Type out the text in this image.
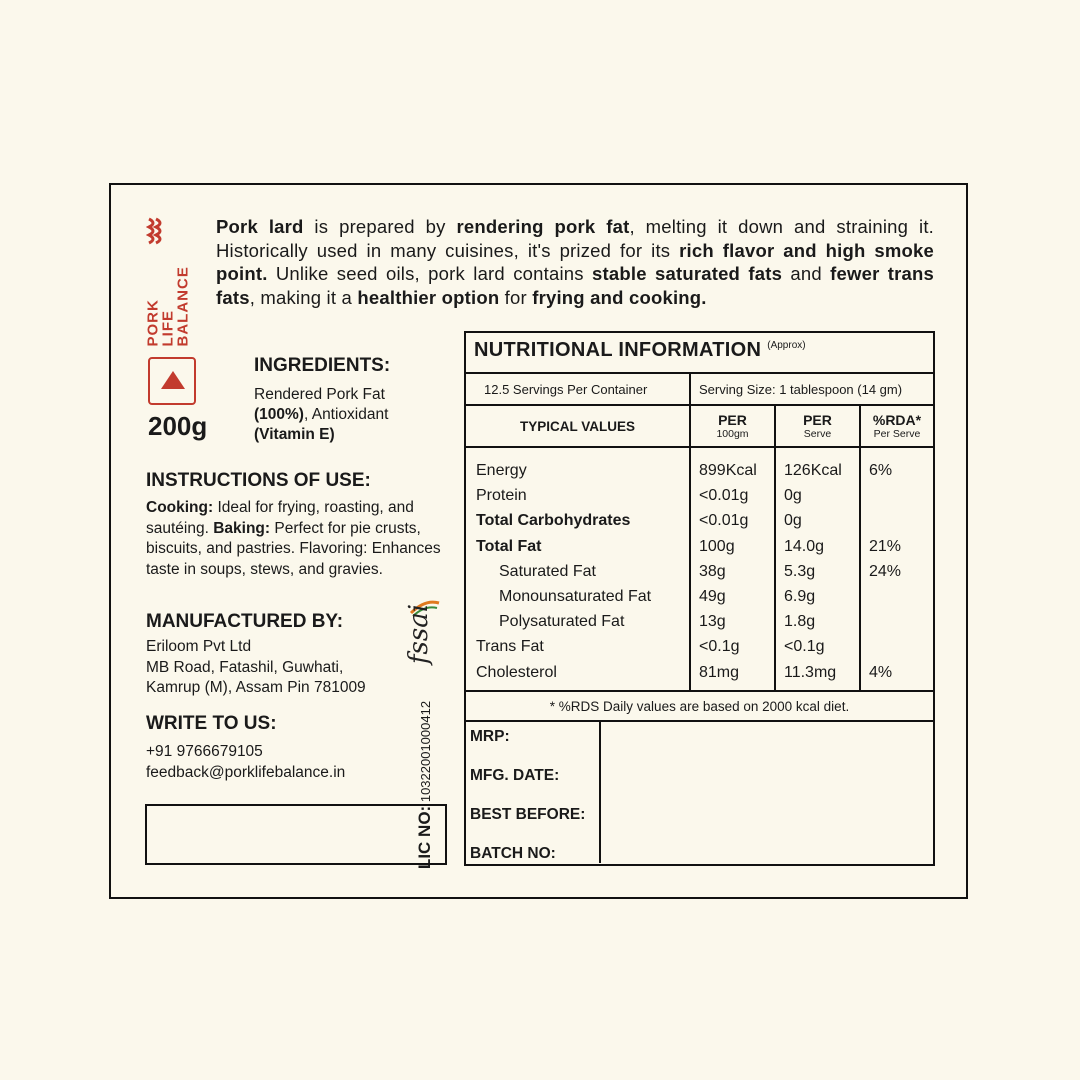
PORK
LIFE
BALANCE

Pork lard is prepared by rendering pork fat, melting it down and straining it. Historically used in many cuisines, it's prized for its rich flavor and high smoke point. Unlike seed oils, pork lard contains stable saturated fats and fewer trans fats, making it a healthier option for frying and cooking.

200g
INGREDIENTS:
Rendered Pork Fat
(100%), Antioxidant
(Vitamin E)
INSTRUCTIONS OF USE:
Cooking: Ideal for frying, roasting, and sautéing. Baking: Perfect for pie crusts, biscuits, and pastries. Flavoring: Enhances taste in soups, stews, and gravies.
MANUFACTURED BY:
Eriloom Pvt Ltd
MB Road, Fatashil, Guwhati,
Kamrup (M), Assam Pin 781009
WRITE TO US:
+91 9766679105
feedback@porklifebalance.in
fssai
LIC NO: 10322001000412
NUTRITIONAL INFORMATION $^{(Approx)}$
12.5 Servings Per Container	Serving Size: 1 tablespoon (14 gm)
TYPICAL VALUES	PER
100gm
PER
Serve
%RDA*
Per Serve
Energy
Protein
Total Carbohydrates
Total Fat
Saturated Fat
Monounsaturated Fat
Polysaturated Fat
Trans Fat
Cholesterol
899Kcal
<0.01g
<0.01g
100g
38g
49g
13g
<0.1g
81mg
126Kcal
0g
0g
14.0g
5.3g
6.9g
1.8g
<0.1g
11.3mg
6%
21%
24%
4%
* %RDS Daily values are based on 2000 kcal diet.
MRP:
MFG. DATE:
BEST BEFORE:
BATCH NO:
